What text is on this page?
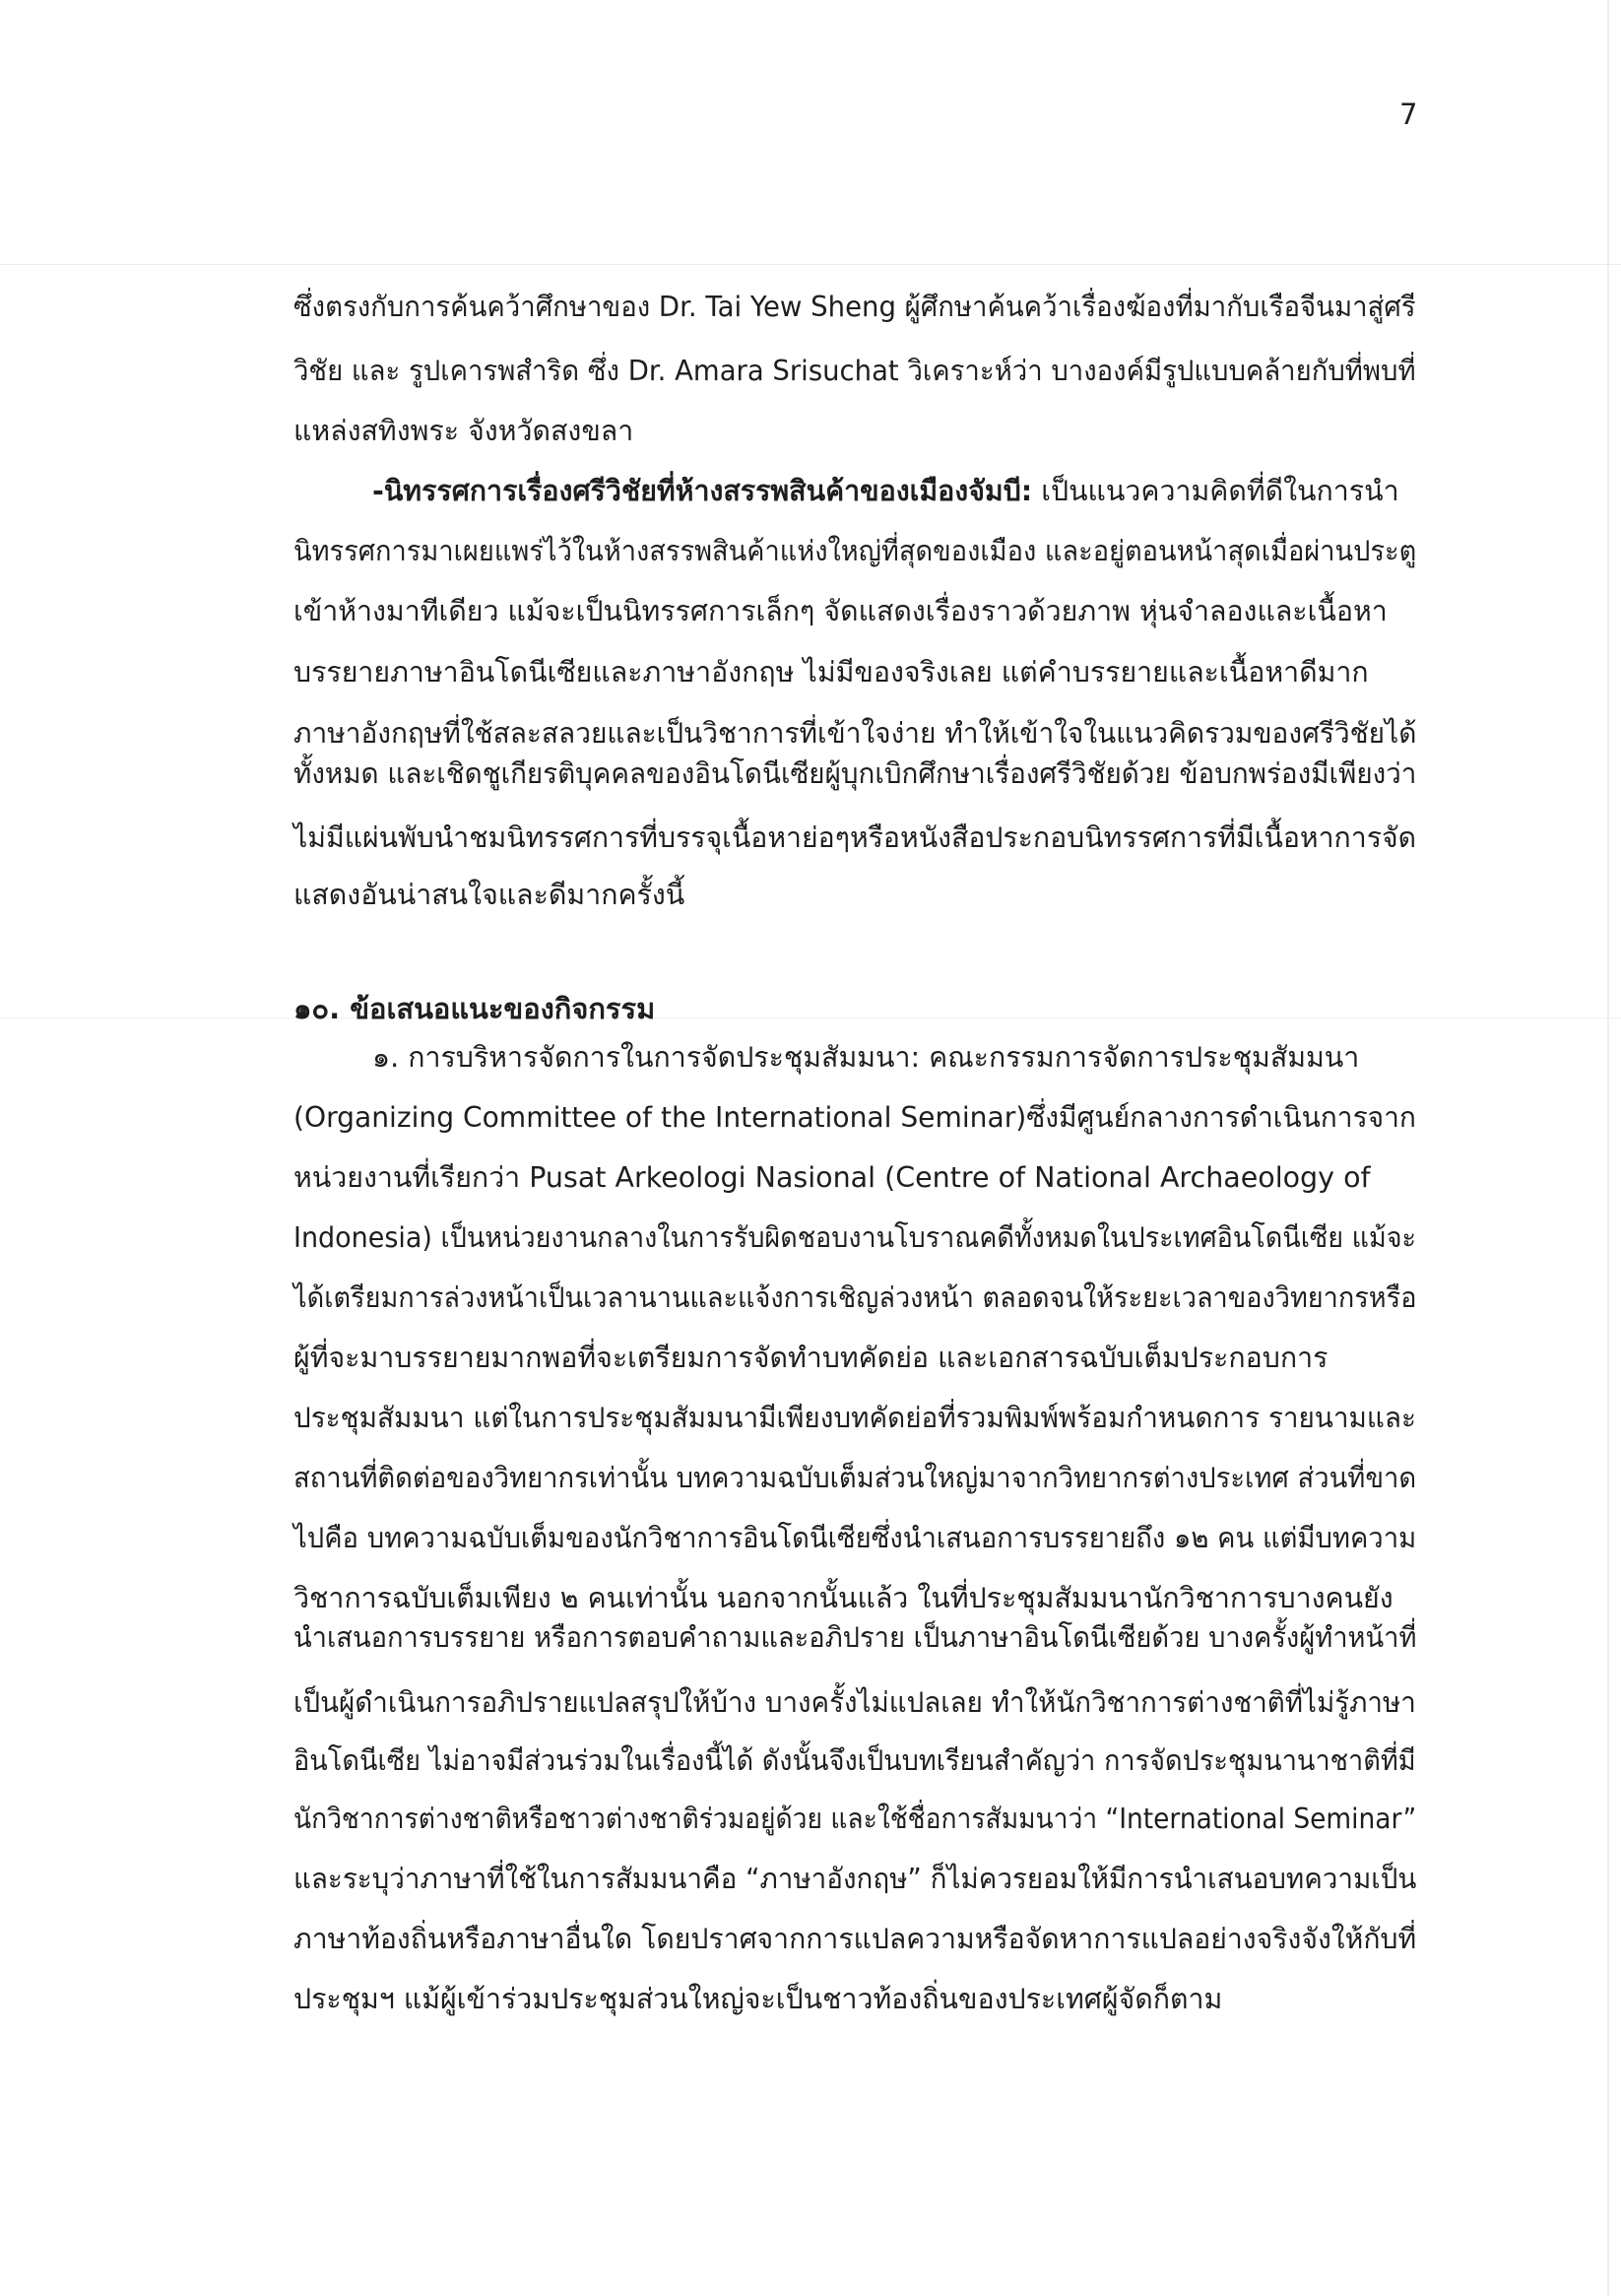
7
ซึ่งตรงกับการค้นคว้าศึกษาของ Dr. Tai Yew Sheng ผู้ศึกษาค้นคว้าเรื่องฆ้องที่มากับเรือจีนมาสู่ศรี
วิชัย และ รูปเคารพสำริด ซึ่ง Dr. Amara Srisuchat วิเคราะห์ว่า บางองค์มีรูปแบบคล้ายกับที่พบที่
แหล่งสทิงพระ จังหวัดสงขลา
-นิทรรศการเรื่องศรีวิชัยที่ห้างสรรพสินค้าของเมืองจัมบี: เป็นแนวความคิดที่ดีในการนำ
นิทรรศการมาเผยแพร่ไว้ในห้างสรรพสินค้าแห่งใหญ่ที่สุดของเมือง และอยู่ตอนหน้าสุดเมื่อผ่านประตู
เข้าห้างมาทีเดียว แม้จะเป็นนิทรรศการเล็กๆ จัดแสดงเรื่องราวด้วยภาพ หุ่นจำลองและเนื้อหา
บรรยายภาษาอินโดนีเซียและภาษาอังกฤษ ไม่มีของจริงเลย แต่คำบรรยายและเนื้อหาดีมาก
ภาษาอังกฤษที่ใช้สละสลวยและเป็นวิชาการที่เข้าใจง่าย ทำให้เข้าใจในแนวคิดรวมของศรีวิชัยได้
ทั้งหมด และเชิดชูเกียรติบุคคลของอินโดนีเซียผู้บุกเบิกศึกษาเรื่องศรีวิชัยด้วย ข้อบกพร่องมีเพียงว่า
ไม่มีแผ่นพับนำชมนิทรรศการที่บรรจุเนื้อหาย่อๆหรือหนังสือประกอบนิทรรศการที่มีเนื้อหาการจัด
แสดงอันน่าสนใจและดีมากครั้งนี้
๑๐. ข้อเสนอแนะของกิจกรรม
๑. การบริหารจัดการในการจัดประชุมสัมมนา: คณะกรรมการจัดการประชุมสัมมนา
(Organizing Committee of the International Seminar)ซึ่งมีศูนย์กลางการดำเนินการจาก
หน่วยงานที่เรียกว่า Pusat Arkeologi Nasional (Centre of National Archaeology of
Indonesia) เป็นหน่วยงานกลางในการรับผิดชอบงานโบราณคดีทั้งหมดในประเทศอินโดนีเซีย แม้จะ
ได้เตรียมการล่วงหน้าเป็นเวลานานและแจ้งการเชิญล่วงหน้า ตลอดจนให้ระยะเวลาของวิทยากรหรือ
ผู้ที่จะมาบรรยายมากพอที่จะเตรียมการจัดทำบทคัดย่อ และเอกสารฉบับเต็มประกอบการ
ประชุมสัมมนา แต่ในการประชุมสัมมนามีเพียงบทคัดย่อที่รวมพิมพ์พร้อมกำหนดการ รายนามและ
สถานที่ติดต่อของวิทยากรเท่านั้น บทความฉบับเต็มส่วนใหญ่มาจากวิทยากรต่างประเทศ ส่วนที่ขาด
ไปคือ บทความฉบับเต็มของนักวิชาการอินโดนีเซียซึ่งนำเสนอการบรรยายถึง ๑๒ คน แต่มีบทความ
วิชาการฉบับเต็มเพียง ๒ คนเท่านั้น นอกจากนั้นแล้ว ในที่ประชุมสัมมนานักวิชาการบางคนยัง
นำเสนอการบรรยาย หรือการตอบคำถามและอภิปราย เป็นภาษาอินโดนีเซียด้วย บางครั้งผู้ทำหน้าที่
เป็นผู้ดำเนินการอภิปรายแปลสรุปให้บ้าง บางครั้งไม่แปลเลย ทำให้นักวิชาการต่างชาติที่ไม่รู้ภาษา
อินโดนีเซีย ไม่อาจมีส่วนร่วมในเรื่องนี้ได้ ดังนั้นจึงเป็นบทเรียนสำคัญว่า การจัดประชุมนานาชาติที่มี
นักวิชาการต่างชาติหรือชาวต่างชาติร่วมอยู่ด้วย และใช้ชื่อการสัมมนาว่า “International Seminar”
และระบุว่าภาษาที่ใช้ในการสัมมนาคือ “ภาษาอังกฤษ” ก็ไม่ควรยอมให้มีการนำเสนอบทความเป็น
ภาษาท้องถิ่นหรือภาษาอื่นใด โดยปราศจากการแปลความหรือจัดหาการแปลอย่างจริงจังให้กับที่
ประชุมฯ แม้ผู้เข้าร่วมประชุมส่วนใหญ่จะเป็นชาวท้องถิ่นของประเทศผู้จัดก็ตาม
